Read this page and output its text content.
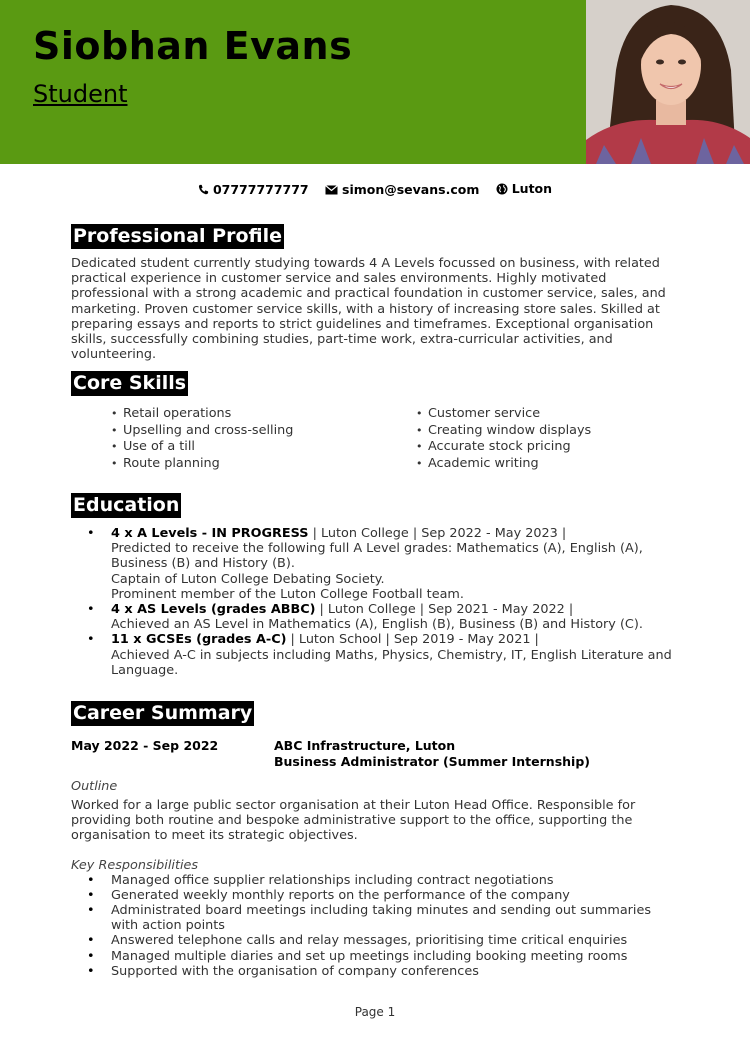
Siobhan Evans

Student

07777777777
	simon@sevans.com
	Luton
Professional Profile

Dedicated student currently studying towards 4 A Levels focussed on business, with related practical experience in customer service and sales environments. Highly motivated professional with a strong academic and practical foundation in customer service, sales, and marketing. Proven customer service skills, with a history of increasing store sales. Skilled at preparing essays and reports to strict guidelines and timeframes. Exceptional organisation skills, successfully combining studies, part-time work, extra-curricular activities, and volunteering.

Core Skills
• Retail operations
• Upselling and cross-selling
• Use of a till
• Route planning
• Customer service
• Creating window displays
• Accurate stock pricing
• Academic writing
Education
• 4 x A Levels - IN PROGRESS | Luton College | Sep 2022 - May 2023 |
Predicted to receive the following full A Level grades: Mathematics (A), English (A), Business (B) and History (B).
Captain of Luton College Debating Society.
Prominent member of the Luton College Football team.
• 4 x AS Levels (grades ABBC) | Luton College | Sep 2021 - May 2022 |
Achieved an AS Level in Mathematics (A), English (B), Business (B) and History (C).
• 11 x GCSEs (grades A-C) | Luton School | Sep 2019 - May 2021 |
Achieved A-C in subjects including Maths, Physics, Chemistry, IT, English Literature and Language.
Career Summary
May 2022 - Sep 2022	ABC Infrastructure, Luton
Business Administrator (Summer Internship)

Outline

Worked for a large public sector organisation at their Luton Head Office. Responsible for providing both routine and bespoke administrative support to the office, supporting the organisation to meet its strategic objectives.

Key Responsibilities

• Managed office supplier relationships including contract negotiations
• Generated weekly monthly reports on the performance of the company
• Administrated board meetings including taking minutes and sending out summaries with action points
• Answered telephone calls and relay messages, prioritising time critical enquiries
• Managed multiple diaries and set up meetings including booking meeting rooms
• Supported with the organisation of company conferences
Page 1
